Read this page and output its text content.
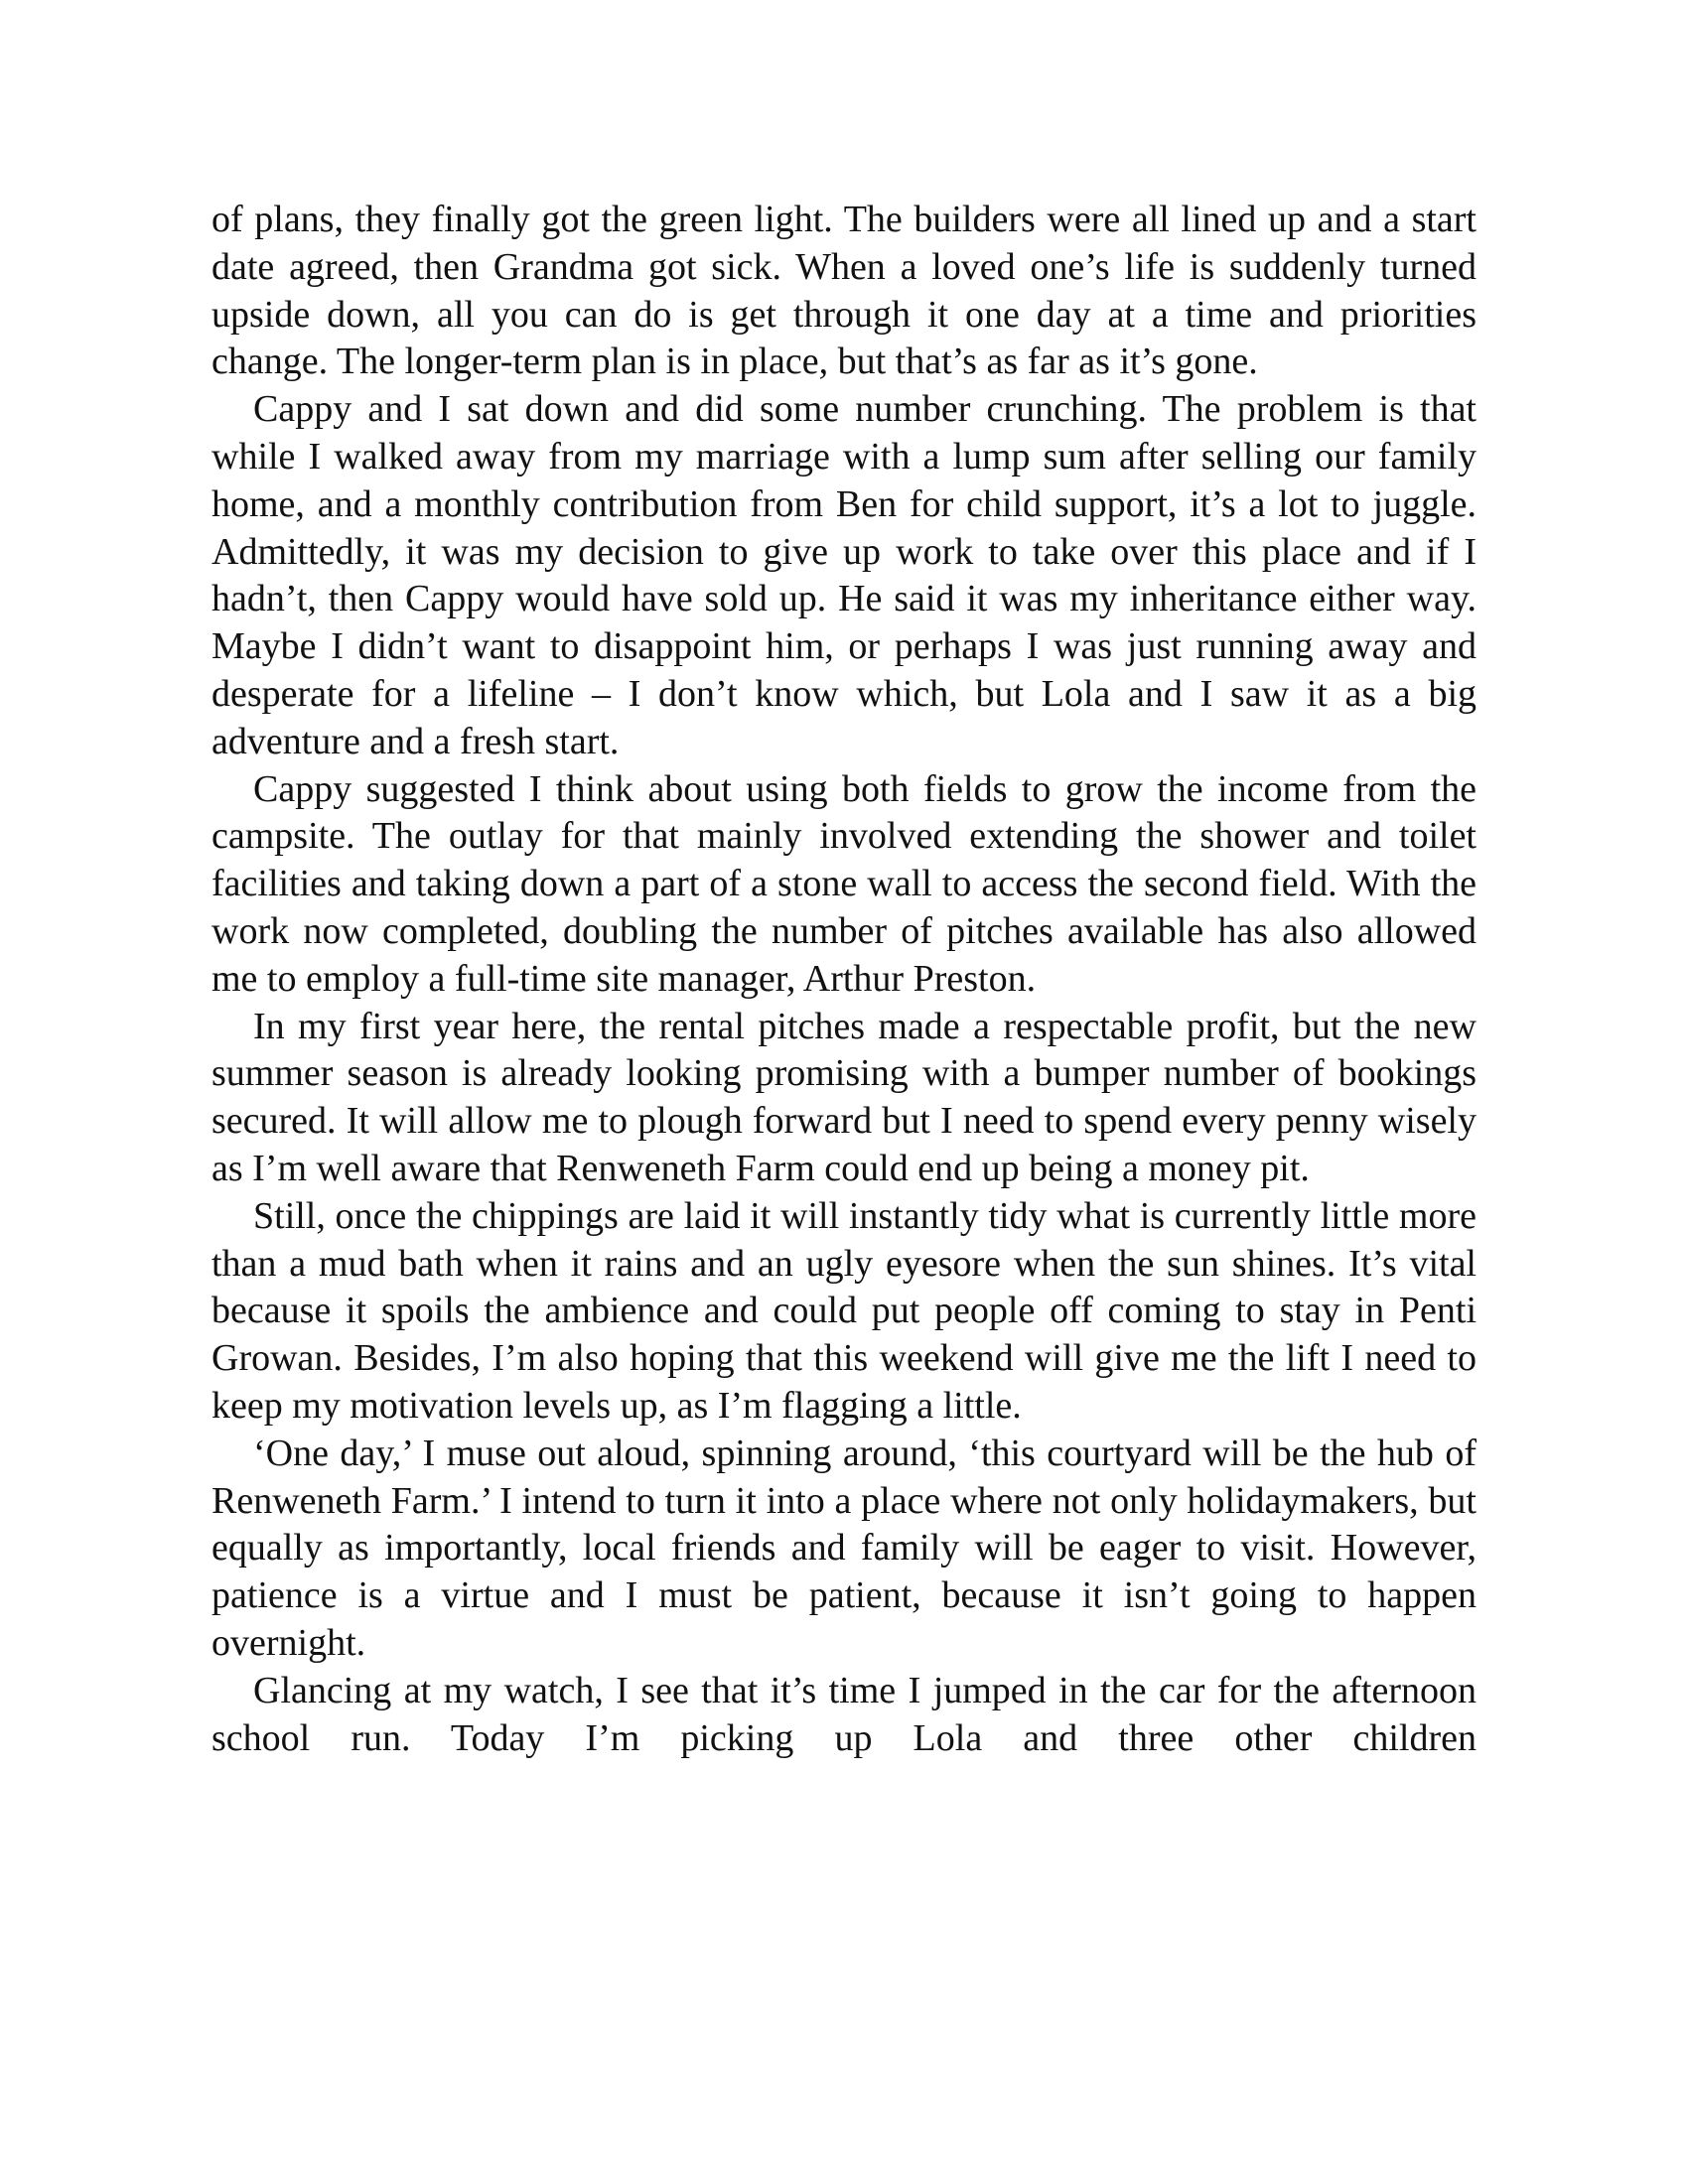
of plans, they finally got the green light. The builders were all lined up and a start date agreed, then Grandma got sick. When a loved one’s life is suddenly turned upside down, all you can do is get through it one day at a time and priorities change. The longer-term plan is in place, but that’s as far as it’s gone.

Cappy and I sat down and did some number crunching. The problem is that while I walked away from my marriage with a lump sum after selling our family home, and a monthly contribution from Ben for child support, it’s a lot to juggle. Admittedly, it was my decision to give up work to take over this place and if I hadn’t, then Cappy would have sold up. He said it was my inheritance either way. Maybe I didn’t want to disappoint him, or perhaps I was just running away and desperate for a lifeline – I don’t know which, but Lola and I saw it as a big adventure and a fresh start.

Cappy suggested I think about using both fields to grow the income from the campsite. The outlay for that mainly involved extending the shower and toilet facilities and taking down a part of a stone wall to access the second field. With the work now completed, doubling the number of pitches available has also allowed me to employ a full-time site manager, Arthur Preston.

In my first year here, the rental pitches made a respectable profit, but the new summer season is already looking promising with a bumper number of bookings secured. It will allow me to plough forward but I need to spend every penny wisely as I’m well aware that Renweneth Farm could end up being a money pit.

Still, once the chippings are laid it will instantly tidy what is currently little more than a mud bath when it rains and an ugly eyesore when the sun shines. It’s vital because it spoils the ambience and could put people off coming to stay in Penti Growan. Besides, I’m also hoping that this weekend will give me the lift I need to keep my motivation levels up, as I’m flagging a little.

‘One day,’ I muse out aloud, spinning around, ‘this courtyard will be the hub of Renweneth Farm.’ I intend to turn it into a place where not only holidaymakers, but equally as importantly, local friends and family will be eager to visit. However, patience is a virtue and I must be patient, because it isn’t going to happen overnight.

Glancing at my watch, I see that it’s time I jumped in the car for the afternoon school run. Today I’m picking up Lola and three other children
